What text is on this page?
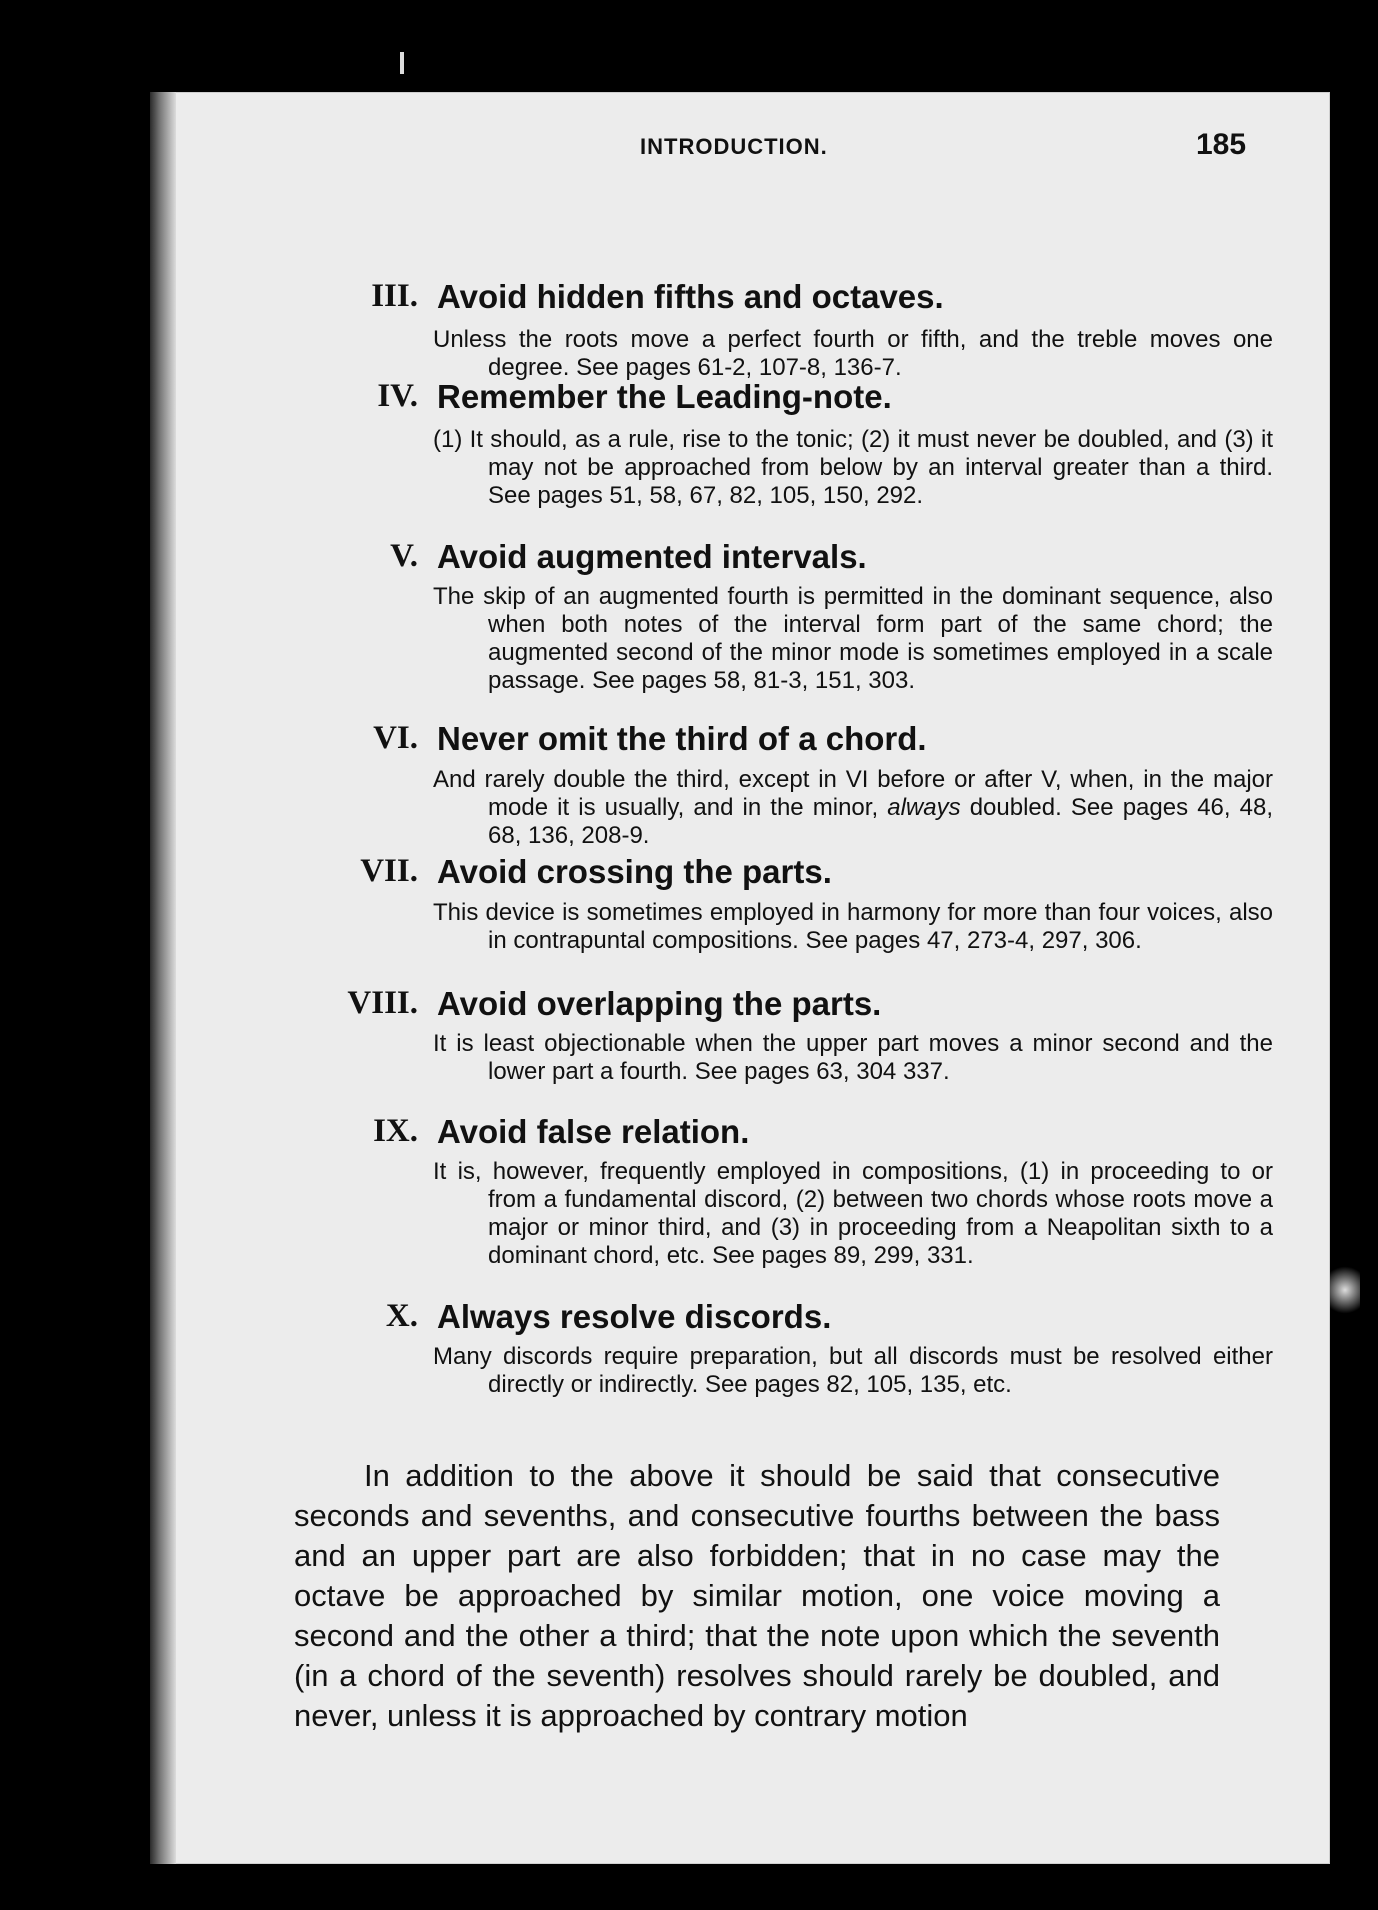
INTRODUCTION.	185
III. Avoid hidden fifths and octaves.
Unless the roots move a perfect fourth or fifth, and the treble moves one degree. See pages 61-2, 107-8, 136-7.
IV. Remember the Leading-note.
(1) It should, as a rule, rise to the tonic; (2) it must never be doubled, and (3) it may not be approached from below by an interval greater than a third. See pages 51, 58, 67, 82, 105, 150, 292.
V. Avoid augmented intervals.
The skip of an augmented fourth is permitted in the dominant sequence, also when both notes of the interval form part of the same chord; the augmented second of the minor mode is sometimes employed in a scale passage. See pages 58, 81-3, 151, 303.
VI. Never omit the third of a chord.
And rarely double the third, except in VI before or after V, when, in the major mode it is usually, and in the minor, always doubled. See pages 46, 48, 68, 136, 208-9.
VII. Avoid crossing the parts.
This device is sometimes employed in harmony for more than four voices, also in contrapuntal compositions. See pages 47, 273-4, 297, 306.
VIII. Avoid overlapping the parts.
It is least objectionable when the upper part moves a minor second and the lower part a fourth. See pages 63, 304 337.
IX. Avoid false relation.
It is, however, frequently employed in compositions, (1) in proceeding to or from a fundamental discord, (2) between two chords whose roots move a major or minor third, and (3) in proceeding from a Neapolitan sixth to a dominant chord, etc. See pages 89, 299, 331.
X. Always resolve discords.
Many discords require preparation, but all discords must be resolved either directly or indirectly. See pages 82, 105, 135, etc.

In addition to the above it should be said that consecutive seconds and sevenths, and consecutive fourths between the bass and an upper part are also forbidden; that in no case may the octave be approached by similar motion, one voice moving a second and the other a third; that the note upon which the seventh (in a chord of the seventh) resolves should rarely be doubled, and never, unless it is approached by contrary motion
